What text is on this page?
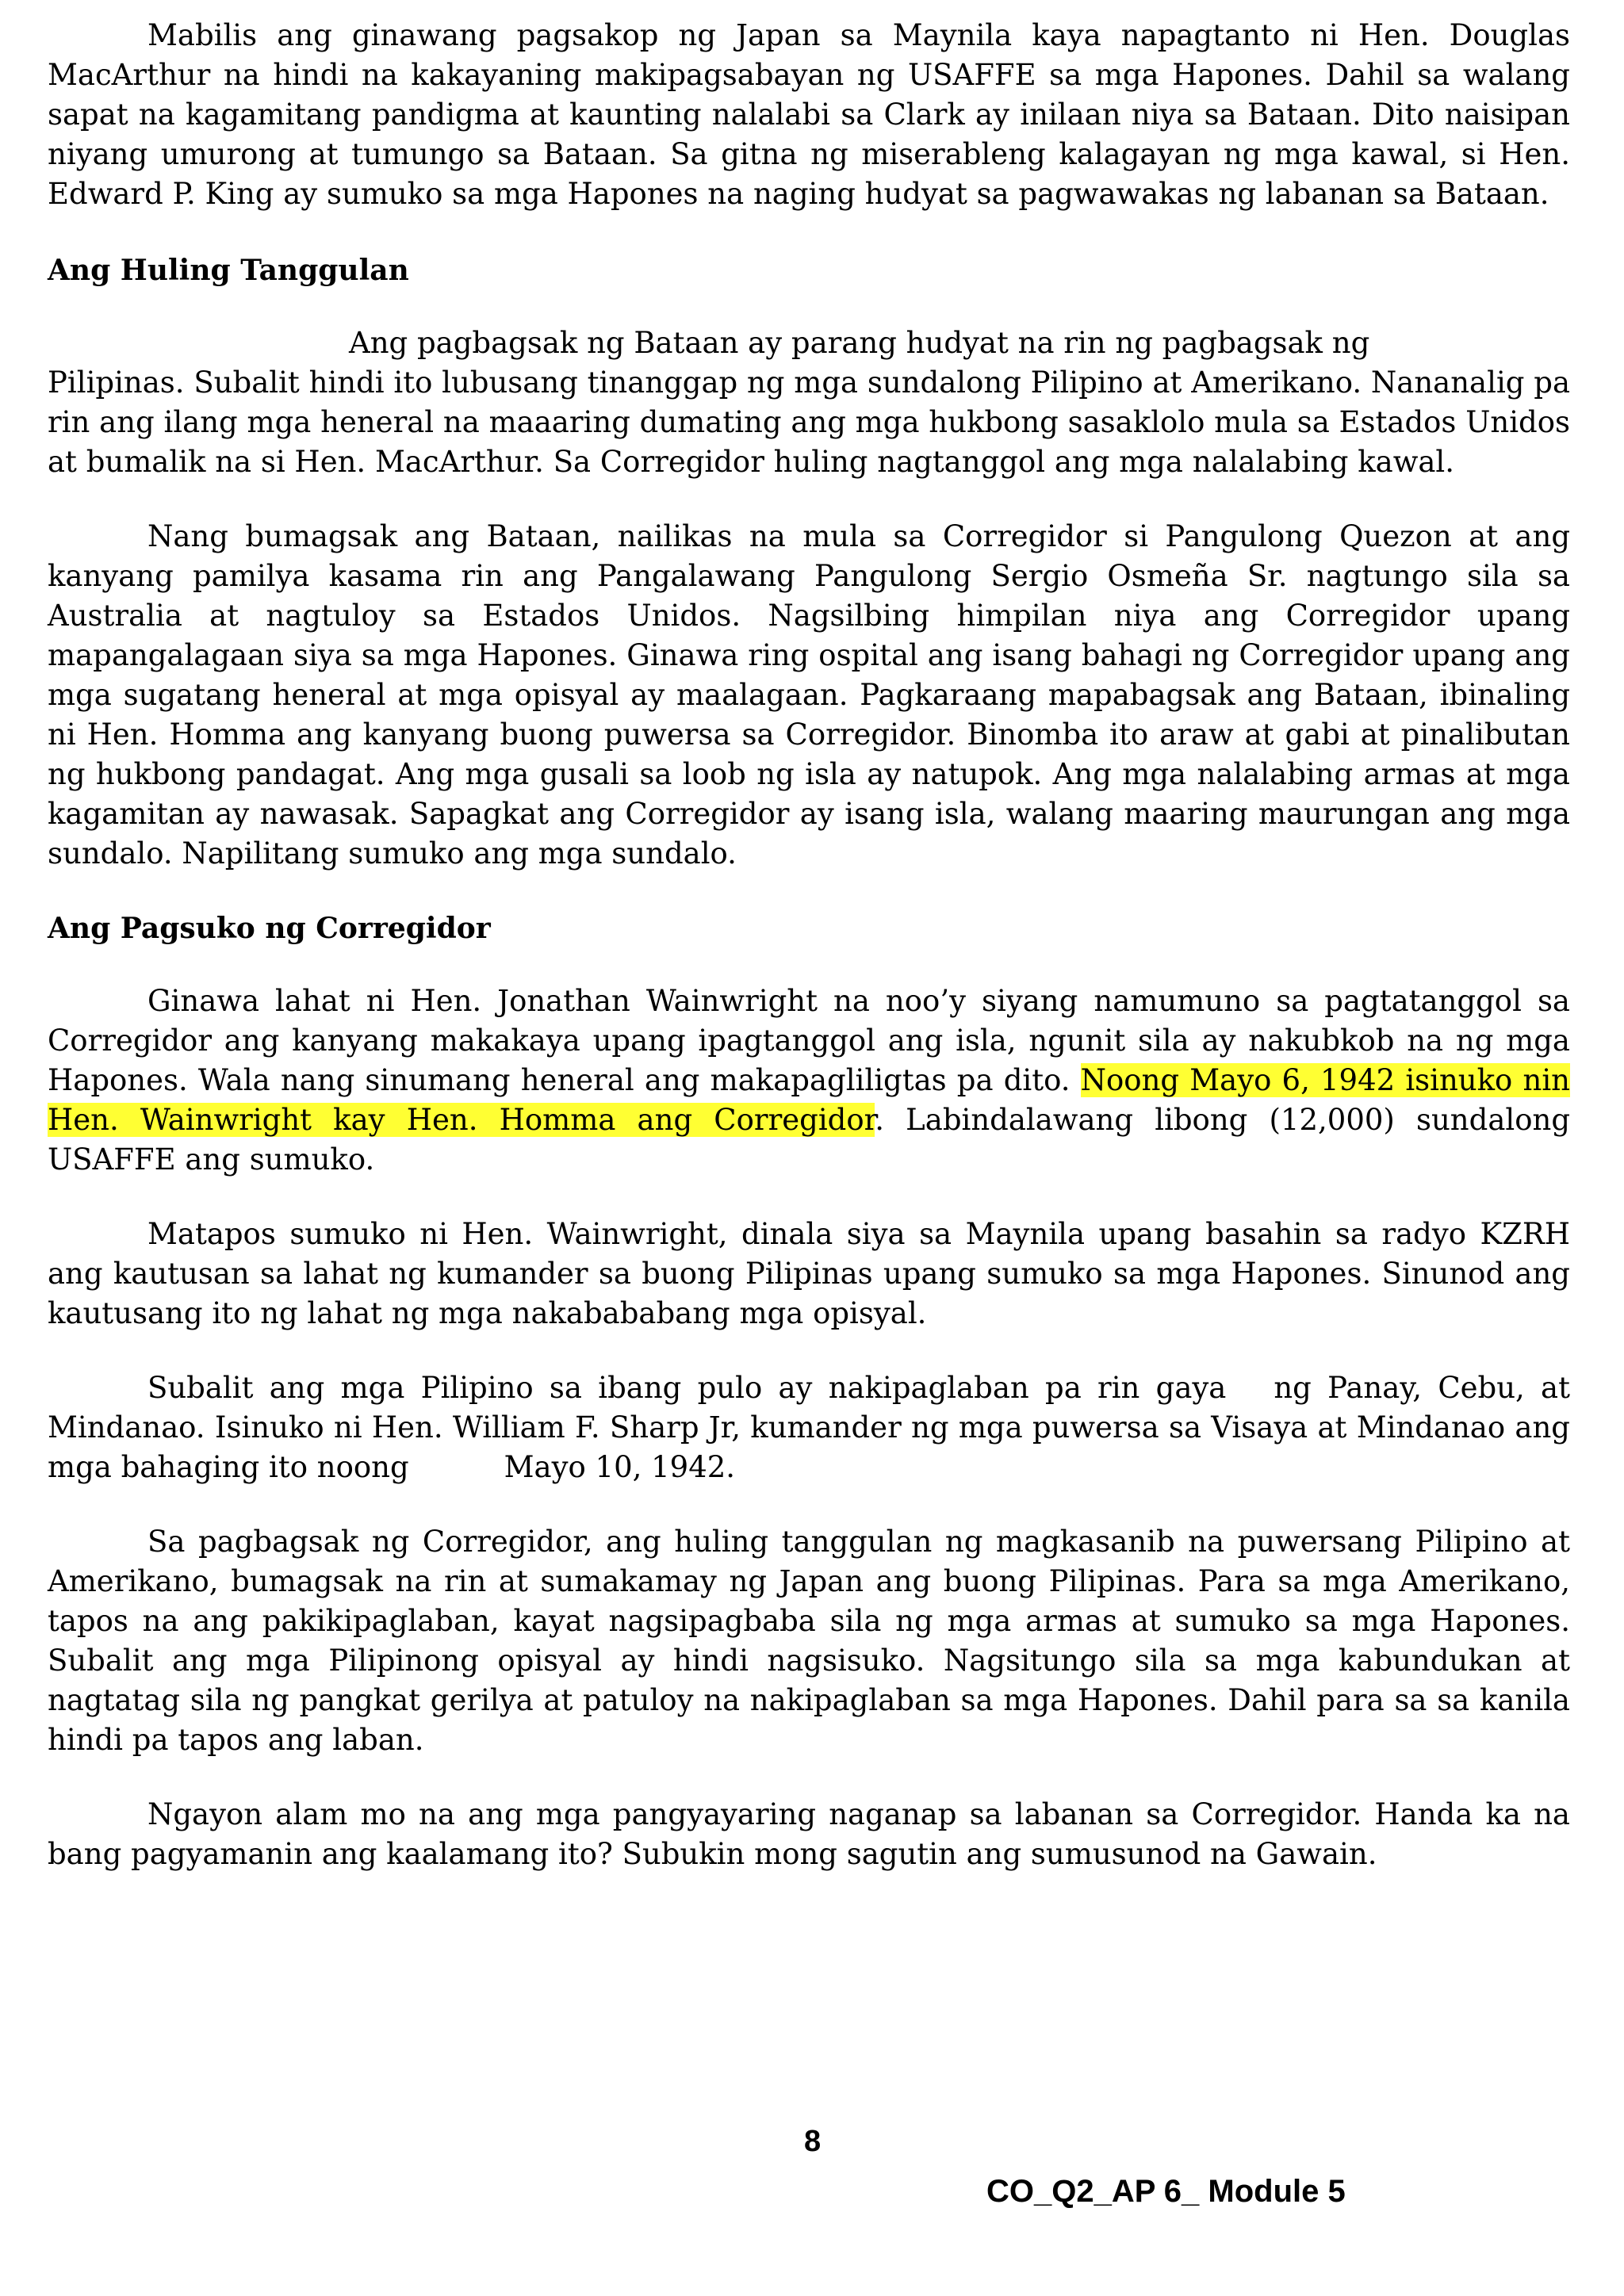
Mabilis ang ginawang pagsakop ng Japan sa Maynila kaya napagtanto ni Hen. Douglas MacArthur na hindi na kakayaning makipagsabayan ng USAFFE sa mga Hapones. Dahil sa walang sapat na kagamitang pandigma at kaunting nalalabi sa Clark ay inilaan niya sa Bataan. Dito naisipan niyang umurong at tumungo sa Bataan. Sa gitna ng miserableng kalagayan ng mga kawal, si Hen. Edward P. King ay sumuko sa mga Hapones na naging hudyat sa pagwawakas ng labanan sa Bataan.

Ang Huling Tanggulan

Ang pagbagsak ng Bataan ay parang hudyat na rin ng pagbagsak ng
Pilipinas. Subalit hindi ito lubusang tinanggap ng mga sundalong Pilipino at Amerikano. Nananalig pa rin ang ilang mga heneral na maaaring dumating ang mga hukbong sasaklolo mula sa Estados Unidos at bumalik na si Hen. MacArthur. Sa Corregidor huling nagtanggol ang mga nalalabing kawal.

Nang bumagsak ang Bataan, nailikas na mula sa Corregidor si Pangulong Quezon at ang kanyang pamilya kasama rin ang Pangalawang Pangulong Sergio Osmeña Sr. nagtungo sila sa Australia at nagtuloy sa Estados Unidos. Nagsilbing himpilan niya ang Corregidor upang mapangalagaan siya sa mga Hapones. Ginawa ring ospital ang isang bahagi ng Corregidor upang ang mga sugatang heneral at mga opisyal ay maalagaan. Pagkaraang mapabagsak ang Bataan, ibinaling ni Hen. Homma ang kanyang buong puwersa sa Corregidor. Binomba ito araw at gabi at pinalibutan ng hukbong pandagat. Ang mga gusali sa loob ng isla ay natupok. Ang mga nalalabing armas at mga kagamitan ay nawasak. Sapagkat ang Corregidor ay isang isla, walang maaring maurungan ang mga sundalo. Napilitang sumuko ang mga sundalo.

Ang Pagsuko ng Corregidor

Ginawa lahat ni Hen. Jonathan Wainwright na noo’y siyang namumuno sa pagtatanggol sa Corregidor ang kanyang makakaya upang ipagtanggol ang isla, ngunit sila ay nakubkob na ng mga Hapones. Wala nang sinumang heneral ang makapagliligtas pa dito. Noong Mayo 6, 1942 isinuko nin Hen. Wainwright kay Hen. Homma ang Corregidor. Labindalawang libong (12,000) sundalong USAFFE ang sumuko.

Matapos sumuko ni Hen. Wainwright, dinala siya sa Maynila upang basahin sa radyo KZRH ang kautusan sa lahat ng kumander sa buong Pilipinas upang sumuko sa mga Hapones. Sinunod ang kautusang ito ng lahat ng mga nakabababang mga opisyal.

Subalit ang mga Pilipino sa ibang pulo ay nakipaglaban pa rin gaya ng Panay, Cebu, at Mindanao. Isinuko ni Hen. William F. Sharp Jr, kumander ng mga puwersa sa Visaya at Mindanao ang mga bahaging ito noong	Mayo 10, 1942.

Sa pagbagsak ng Corregidor, ang huling tanggulan ng magkasanib na puwersang Pilipino at Amerikano, bumagsak na rin at sumakamay ng Japan ang buong Pilipinas. Para sa mga Amerikano, tapos na ang pakikipaglaban, kayat nagsipagbaba sila ng mga armas at sumuko sa mga Hapones. Subalit ang mga Pilipinong opisyal ay hindi nagsisuko. Nagsitungo sila sa mga kabundukan at nagtatag sila ng pangkat gerilya at patuloy na nakipaglaban sa mga Hapones. Dahil para sa sa kanila hindi pa tapos ang laban.

Ngayon alam mo na ang mga pangyayaring naganap sa labanan sa Corregidor. Handa ka na bang pagyamanin ang kaalamang ito? Subukin mong sagutin ang sumusunod na Gawain.

8
CO_Q2_AP 6_ Module 5
